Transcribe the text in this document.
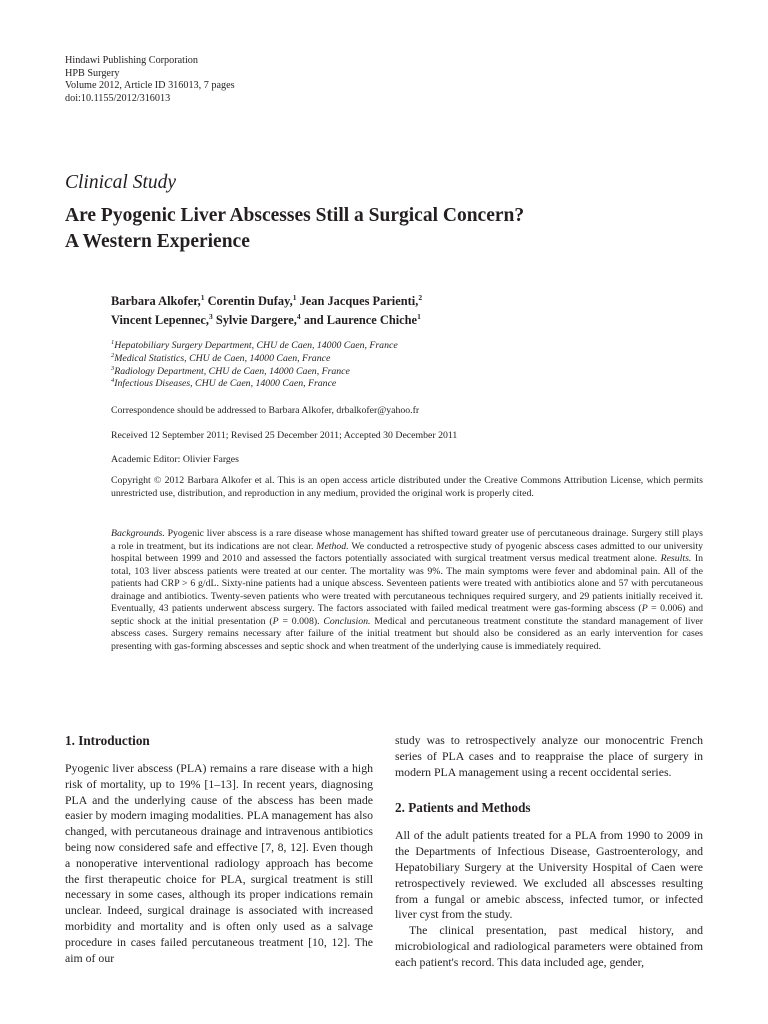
Hindawi Publishing Corporation
HPB Surgery
Volume 2012, Article ID 316013, 7 pages
doi:10.1155/2012/316013
Clinical Study
Are Pyogenic Liver Abscesses Still a Surgical Concern?
A Western Experience
Barbara Alkofer,$^1$ Corentin Dufay,$^1$ Jean Jacques Parienti,$^2$
Vincent Lepennec,$^3$ Sylvie Dargere,$^4$ and Laurence Chiche$^1$
$^1$Hepatobiliary Surgery Department, CHU de Caen, 14000 Caen, France
$^2$Medical Statistics, CHU de Caen, 14000 Caen, France
$^3$Radiology Department, CHU de Caen, 14000 Caen, France
$^4$Infectious Diseases, CHU de Caen, 14000 Caen, France
Correspondence should be addressed to Barbara Alkofer, drbalkofer@yahoo.fr
Received 12 September 2011; Revised 25 December 2011; Accepted 30 December 2011
Academic Editor: Olivier Farges
Copyright © 2012 Barbara Alkofer et al. This is an open access article distributed under the Creative Commons Attribution License, which permits unrestricted use, distribution, and reproduction in any medium, provided the original work is properly cited.
Backgrounds. Pyogenic liver abscess is a rare disease whose management has shifted toward greater use of percutaneous drainage. Surgery still plays a role in treatment, but its indications are not clear. Method. We conducted a retrospective study of pyogenic abscess cases admitted to our university hospital between 1999 and 2010 and assessed the factors potentially associated with surgical treatment versus medical treatment alone. Results. In total, 103 liver abscess patients were treated at our center. The mortality was 9%. The main symptoms were fever and abdominal pain. All of the patients had CRP > 6 g/dL. Sixty-nine patients had a unique abscess. Seventeen patients were treated with antibiotics alone and 57 with percutaneous drainage and antibiotics. Twenty-seven patients who were treated with percutaneous techniques required surgery, and 29 patients initially received it. Eventually, 43 patients underwent abscess surgery. The factors associated with failed medical treatment were gas-forming abscess (P = 0.006) and septic shock at the initial presentation (P = 0.008). Conclusion. Medical and percutaneous treatment constitute the standard management of liver abscess cases. Surgery remains necessary after failure of the initial treatment but should also be considered as an early intervention for cases presenting with gas-forming abscesses and septic shock and when treatment of the underlying cause is immediately required.
1. Introduction

Pyogenic liver abscess (PLA) remains a rare disease with a high risk of mortality, up to 19% [1–13]. In recent years, diagnosing PLA and the underlying cause of the abscess has been made easier by modern imaging modalities. PLA management has also changed, with percutaneous drainage and intravenous antibiotics being now considered safe and effective [7, 8, 12]. Even though a nonoperative interventional radiology approach has become the first therapeutic choice for PLA, surgical treatment is still necessary in some cases, although its proper indications remain unclear. Indeed, surgical drainage is associated with increased morbidity and mortality and is often only used as a salvage procedure in cases failed percutaneous treatment [10, 12]. The aim of our

study was to retrospectively analyze our monocentric French series of PLA cases and to reappraise the place of surgery in modern PLA management using a recent occidental series.

2. Patients and Methods

All of the adult patients treated for a PLA from 1990 to 2009 in the Departments of Infectious Disease, Gastroenterology, and Hepatobiliary Surgery at the University Hospital of Caen were retrospectively reviewed. We excluded all abscesses resulting from a fungal or amebic abscess, infected tumor, or infected liver cyst from the study.

The clinical presentation, past medical history, and microbiological and radiological parameters were obtained from each patient's record. This data included age, gender,
